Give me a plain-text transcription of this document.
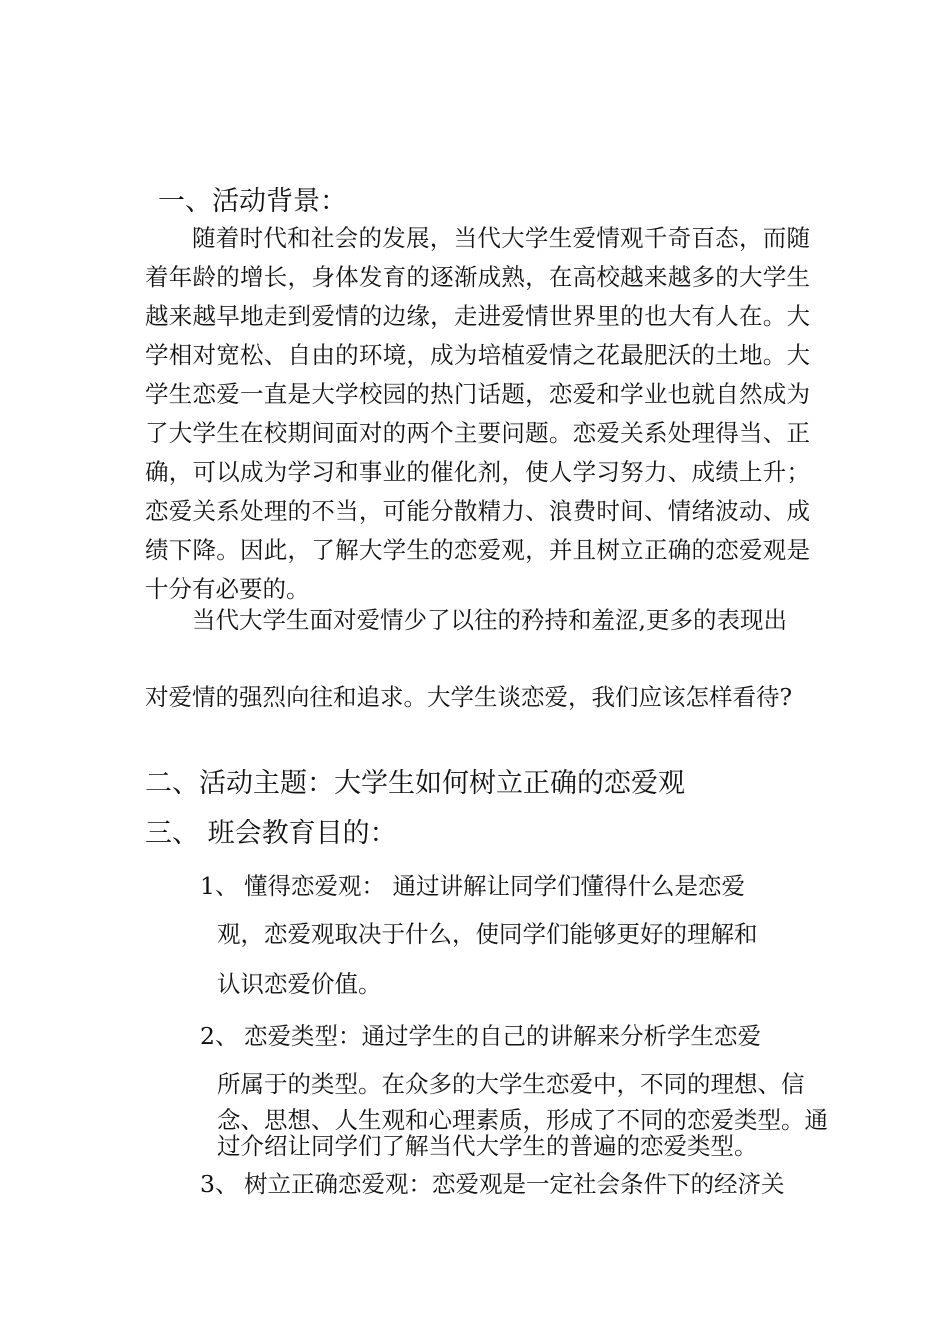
一、活动背景：

随着时代和社会的发展，当代大学生爱情观千奇百态，而随着年龄的增长，身体发育的逐渐成熟，在高校越来越多的大学生越来越早地走到爱情的边缘，走进爱情世界里的也大有人在。大学相对宽松、自由的环境，成为培植爱情之花最肥沃的土地。大学生恋爱一直是大学校园的热门话题，恋爱和学业也就自然成为了大学生在校期间面对的两个主要问题。恋爱关系处理得当、正确，可以成为学习和事业的催化剂，使人学习努力、成绩上升；恋爱关系处理的不当，可能分散精力、浪费时间、情绪波动、成绩下降。因此，了解大学生的恋爱观，并且树立正确的恋爱观是十分有必要的。

当代大学生面对爱情少了以往的矜持和羞涩,更多的表现出
对爱情的强烈向往和追求。大学生谈恋爱，我们应该怎样看待?
二、活动主题：大学生如何树立正确的恋爱观
三、 班会教育目的：
1、 懂得恋爱观： 通过讲解让同学们懂得什么是恋爱
观，恋爱观取决于什么，使同学们能够更好的理解和
认识恋爱价值。
2、 恋爱类型：通过学生的自己的讲解来分析学生恋爱
所属于的类型。在众多的大学生恋爱中，不同的理想、信
念、思想、人生观和心理素质，形成了不同的恋爱类型。通
过介绍让同学们了解当代大学生的普遍的恋爱类型。
3、 树立正确恋爱观：恋爱观是一定社会条件下的经济关
